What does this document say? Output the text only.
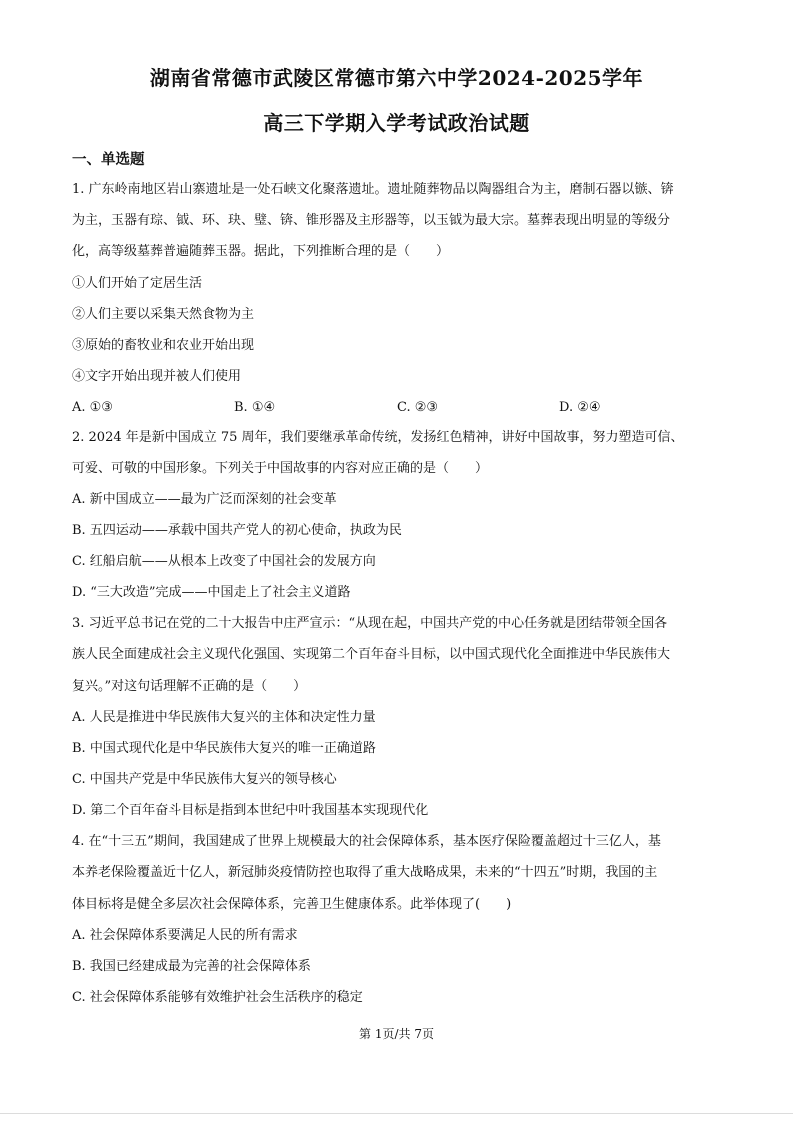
湖南省常德市武陵区常德市第六中学2024-2025学年
高三下学期入学考试政治试题
一、单选题
1. 广东岭南地区岩山寨遗址是一处石峡文化聚落遗址。遗址随葬物品以陶器组合为主，磨制石器以镞、锛
为主，玉器有琮、钺、环、玦、璧、锛、锥形器及主形器等，以玉钺为最大宗。墓葬表现出明显的等级分
化，高等级墓葬普遍随葬玉器。据此，下列推断合理的是（　　）
①人们开始了定居生活
②人们主要以采集天然食物为主
③原始的畜牧业和农业开始出现
④文字开始出现并被人们使用
A. ①③	B. ①④	C. ②③	D. ②④
2. 2024 年是新中国成立 75 周年，我们要继承革命传统，发扬红色精神，讲好中国故事，努力塑造可信、
可爱、可敬的中国形象。下列关于中国故事的内容对应正确的是（　　）
A. 新中国成立——最为广泛而深刻的社会变革
B. 五四运动——承载中国共产党人的初心使命，执政为民
C. 红船启航——从根本上改变了中国社会的发展方向
D. “三大改造”完成——中国走上了社会主义道路
3. 习近平总书记在党的二十大报告中庄严宣示：“从现在起，中国共产党的中心任务就是团结带领全国各
族人民全面建成社会主义现代化强国、实现第二个百年奋斗目标，以中国式现代化全面推进中华民族伟大
复兴。”对这句话理解不正确的是（　　）
A. 人民是推进中华民族伟大复兴的主体和决定性力量
B. 中国式现代化是中华民族伟大复兴的唯一正确道路
C. 中国共产党是中华民族伟大复兴的领导核心
D. 第二个百年奋斗目标是指到本世纪中叶我国基本实现现代化
4. 在“十三五”期间，我国建成了世界上规模最大的社会保障体系，基本医疗保险覆盖超过十三亿人，基
本养老保险覆盖近十亿人，新冠肺炎疫情防控也取得了重大战略成果，未来的“十四五”时期，我国的主
体目标将是健全多层次社会保障体系，完善卫生健康体系。此举体现了(　　)
A. 社会保障体系要满足人民的所有需求
B. 我国已经建成最为完善的社会保障体系
C. 社会保障体系能够有效维护社会生活秩序的稳定
第 1页/共 7页
